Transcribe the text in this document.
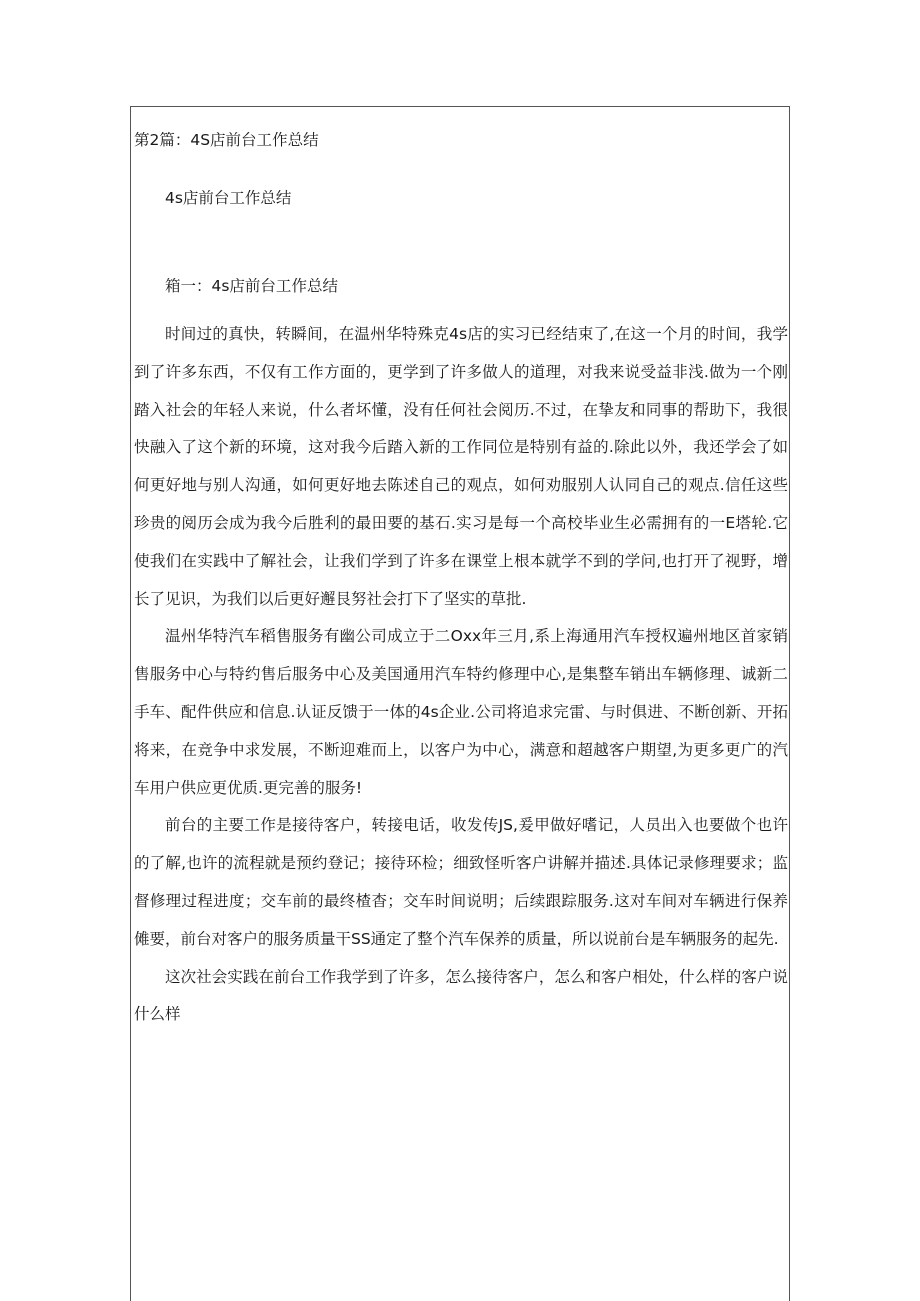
第2篇：4S店前台工作总结
4s店前台工作总结
箱一：4s店前台工作总结

时间过的真快，转瞬间，在温州华特殊克4s店的实习已经结束了,在这一个月的时间，我学到了许多东西，不仅有工作方面的，更学到了许多做人的道理，对我来说受益非浅.做为一个刚踏入社会的年轻人来说，什么者坏懂，没有任何社会阅历.不过，在挚友和同事的帮助下，我很快融入了这个新的环境，这对我今后踏入新的工作同位是特别有益的.除此以外，我还学会了如何更好地与别人沟通，如何更好地去陈述自己的观点，如何劝服别人认同自己的观点.信任这些珍贵的阅历会成为我今后胜利的最田要的基石.实习是每一个高校毕业生必需拥有的一E塔轮.它使我们在实践中了解社会，让我们学到了许多在课堂上根本就学不到的学问,也打开了视野，增长了见识，为我们以后更好邂艮努社会打下了坚实的草批.

温州华特汽车稻售服务有幽公司成立于二Oxx年三月,系上海通用汽车授权遍州地区首家销售服务中心与特约售后服务中心及美国通用汽车特约修理中心,是集整车销出车辆修理、诚新二手车、配件供应和信息.认证反馈于一体的4s企业.公司将追求完雷、与时俱进、不断创新、开拓将来，在竞争中求发展，不断迎难而上，以客户为中心，满意和超越客户期望,为更多更广的汽车用户供应更优质.更完善的服务!

前台的主要工作是接待客户，转接电话，收发传JS,爰甲做好嗜记，人员出入也要做个也许的了解,也许的流程就是预约登记；接待环检；细致怪听客户讲解并描述.具体记录修理要求；监督修理过程进度；交车前的最终楂杳；交车时间说明；后续跟踪服务.这对车间对车辆进行保养傩要，前台对客户的服务质量干SS通定了整个汽车保养的质量，所以说前台是车辆服务的起先.

这次社会实践在前台工作我学到了许多，怎么接待客户，怎么和客户相处，什么样的客户说什么样
